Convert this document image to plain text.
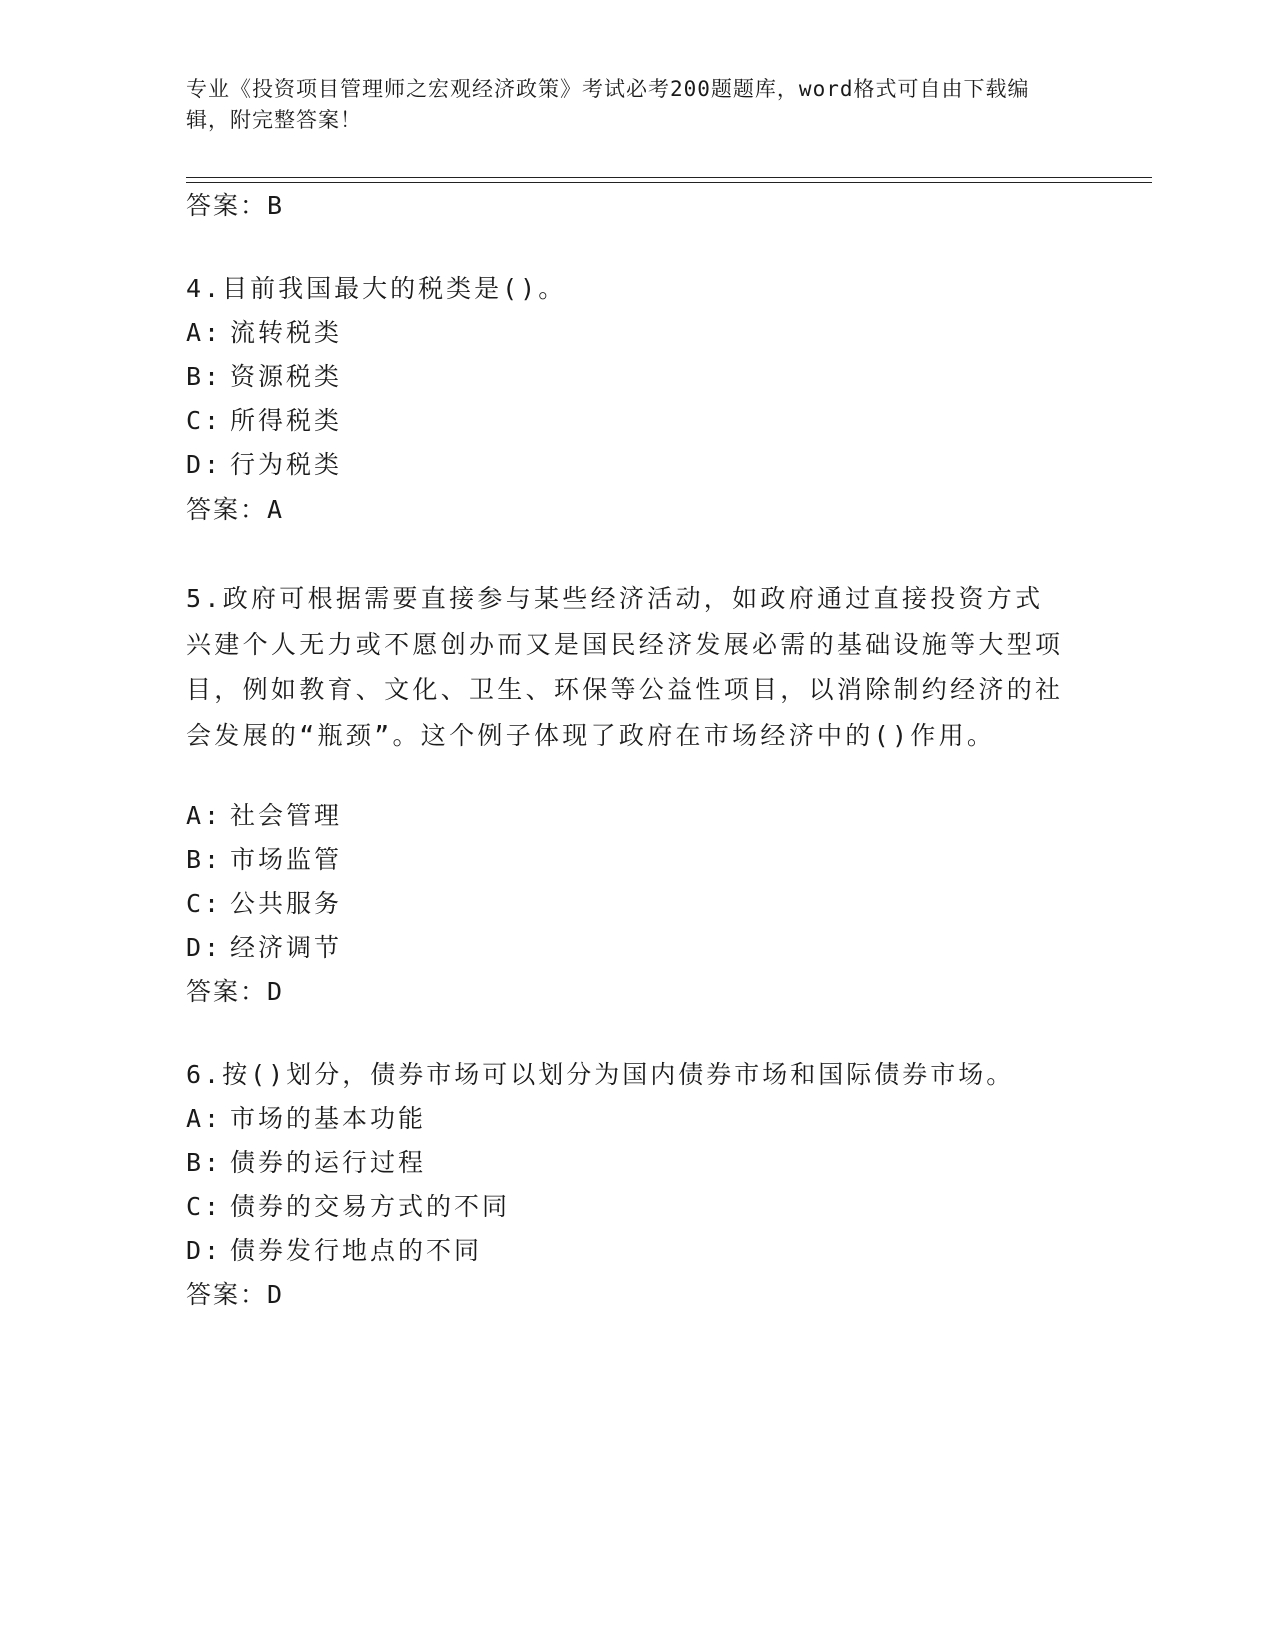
专业《投资项目管理师之宏观经济政策》考试必考200题题库，word格式可自由下载编辑，附完整答案！
答案：B
4.目前我国最大的税类是()。
A: 流转税类
B: 资源税类
C: 所得税类
D: 行为税类
答案：A
5.政府可根据需要直接参与某些经济活动，如政府通过直接投资方式兴建个人无力或不愿创办而又是国民经济发展必需的基础设施等大型项目，例如教育、文化、卫生、环保等公益性项目，以消除制约经济的社会发展的“瓶颈”。这个例子体现了政府在市场经济中的()作用。
A: 社会管理
B: 市场监管
C: 公共服务
D: 经济调节
答案：D
6.按()划分，债券市场可以划分为国内债券市场和国际债券市场。
A: 市场的基本功能
B: 债券的运行过程
C: 债券的交易方式的不同
D: 债券发行地点的不同
答案：D
